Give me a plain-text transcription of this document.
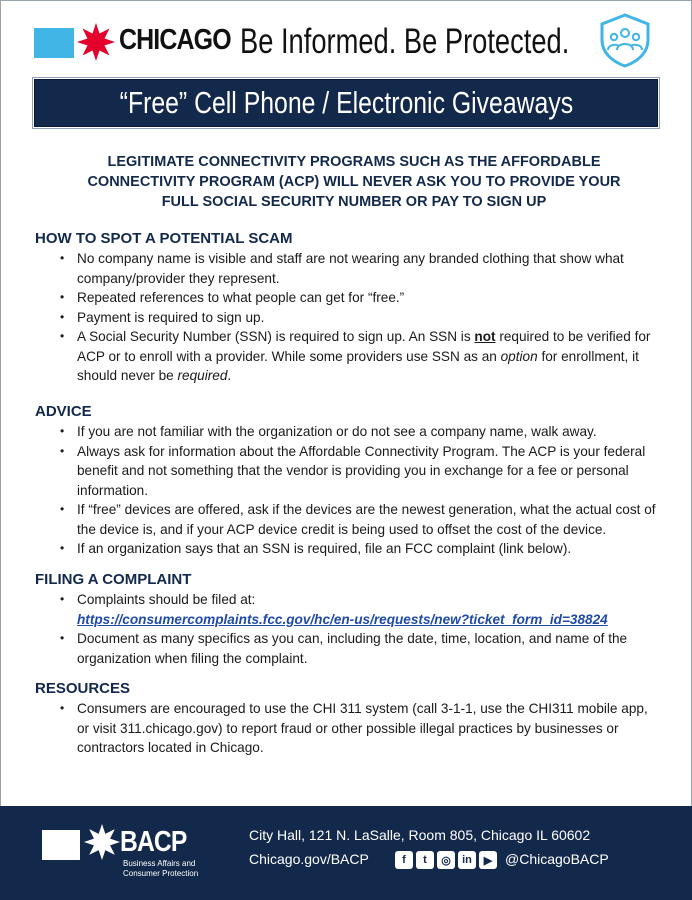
CHICAGO Be Informed. Be Protected.
“Free” Cell Phone / Electronic Giveaways
LEGITIMATE CONNECTIVITY PROGRAMS SUCH AS THE AFFORDABLE CONNECTIVITY PROGRAM (ACP) WILL NEVER ASK YOU TO PROVIDE YOUR FULL SOCIAL SECURITY NUMBER OR PAY TO SIGN UP
HOW TO SPOT A POTENTIAL SCAM
• No company name is visible and staff are not wearing any branded clothing that show what company/provider they represent.
• Repeated references to what people can get for “free.”
• Payment is required to sign up.
• A Social Security Number (SSN) is required to sign up. An SSN is not required to be verified for ACP or to enroll with a provider. While some providers use SSN as an option for enrollment, it should never be required.
ADVICE
• If you are not familiar with the organization or do not see a company name, walk away.
• Always ask for information about the Affordable Connectivity Program. The ACP is your federal benefit and not something that the vendor is providing you in exchange for a fee or personal information.
• If “free” devices are offered, ask if the devices are the newest generation, what the actual cost of the device is, and if your ACP device credit is being used to offset the cost of the device.
• If an organization says that an SSN is required, file an FCC complaint (link below).
FILING A COMPLAINT
• Complaints should be filed at:
https://consumercomplaints.fcc.gov/hc/en-us/requests/new?ticket_form_id=38824
• Document as many specifics as you can, including the date, time, location, and name of the organization when filing the complaint.
RESOURCES
• Consumers are encouraged to use the CHI 311 system (call 3-1-1, use the CHI311 mobile app, or visit 311.chicago.gov) to report fraud or other possible illegal practices by businesses or contractors located in Chicago.
BACP
Business Affairs and Consumer Protection
City Hall, 121 N. LaSalle, Room 805, Chicago IL 60602
Chicago.gov/BACP	f	t	◎	in	▶ @ChicagoBACP
